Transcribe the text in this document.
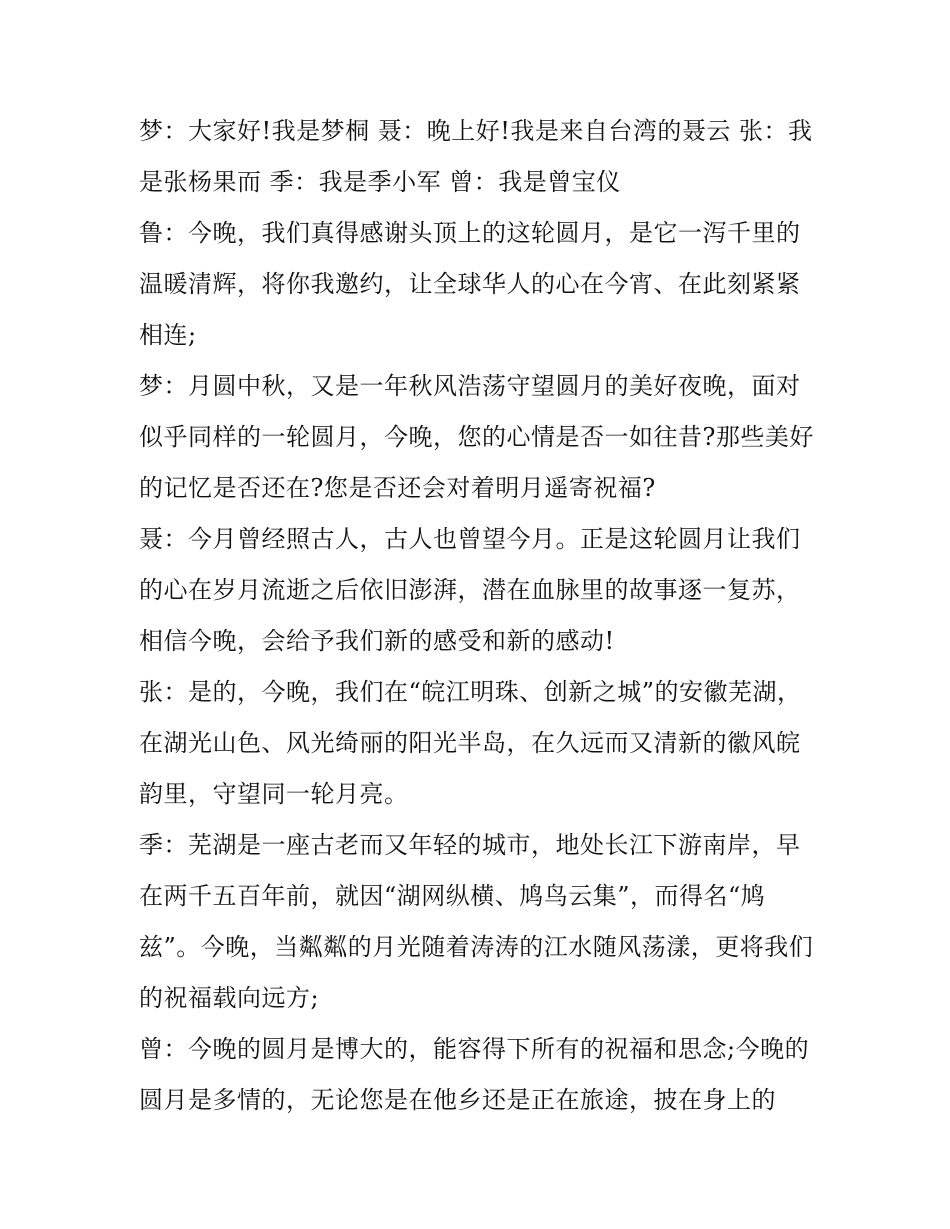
梦：大家好!我是梦桐 聂：晚上好!我是来自台湾的聂云 张：我是张杨果而 季：我是季小军 曾：我是曾宝仪

鲁：今晚，我们真得感谢头顶上的这轮圆月，是它一泻千里的温暖清辉，将你我邀约，让全球华人的心在今宵、在此刻紧紧相连;

梦：月圆中秋，又是一年秋风浩荡守望圆月的美好夜晚，面对似乎同样的一轮圆月，今晚，您的心情是否一如往昔?那些美好的记忆是否还在?您是否还会对着明月遥寄祝福?

聂：今月曾经照古人，古人也曾望今月。正是这轮圆月让我们的心在岁月流逝之后依旧澎湃，潜在血脉里的故事逐一复苏，相信今晚，会给予我们新的感受和新的感动!

张：是的，今晚，我们在“皖江明珠、创新之城”的安徽芜湖，在湖光山色、风光绮丽的阳光半岛，在久远而又清新的徽风皖韵里，守望同一轮月亮。

季：芜湖是一座古老而又年轻的城市，地处长江下游南岸，早在两千五百年前，就因“湖网纵横、鸠鸟云集”，而得名“鸠兹”。今晚，当粼粼的月光随着涛涛的江水随风荡漾，更将我们的祝福载向远方;

曾：今晚的圆月是博大的，能容得下所有的祝福和思念;今晚的圆月是多情的，无论您是在他乡还是正在旅途，披在身上的
